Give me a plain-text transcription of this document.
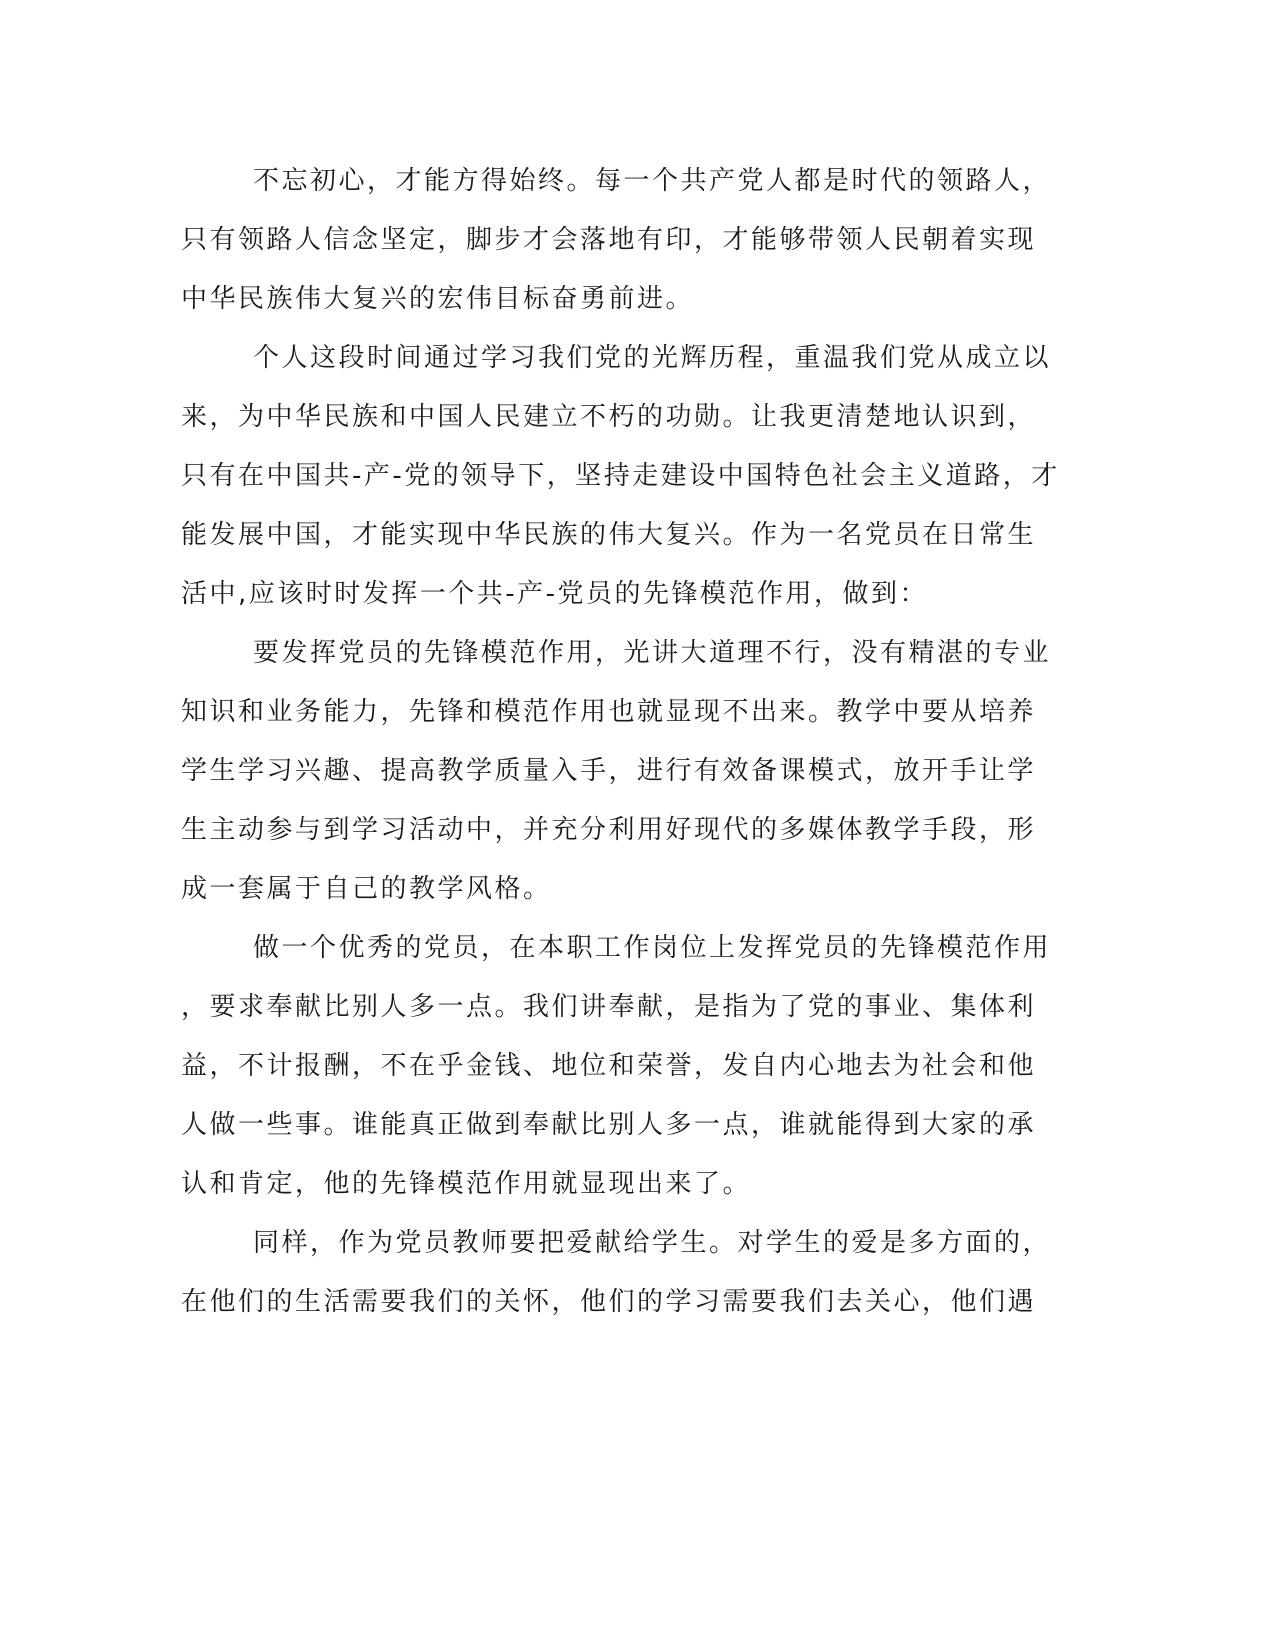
不忘初心，才能方得始终。每一个共产党人都是时代的领路人，
只有领路人信念坚定，脚步才会落地有印，才能够带领人民朝着实现
中华民族伟大复兴的宏伟目标奋勇前进。
个人这段时间通过学习我们党的光辉历程，重温我们党从成立以
来，为中华民族和中国人民建立不朽的功勋。让我更清楚地认识到，
只有在中国共-产-党的领导下，坚持走建设中国特色社会主义道路，才
能发展中国，才能实现中华民族的伟大复兴。作为一名党员在日常生
活中,应该时时发挥一个共-产-党员的先锋模范作用，做到：
要发挥党员的先锋模范作用，光讲大道理不行，没有精湛的专业
知识和业务能力，先锋和模范作用也就显现不出来。教学中要从培养
学生学习兴趣、提高教学质量入手，进行有效备课模式，放开手让学
生主动参与到学习活动中，并充分利用好现代的多媒体教学手段，形
成一套属于自己的教学风格。
做一个优秀的党员，在本职工作岗位上发挥党员的先锋模范作用
，要求奉献比别人多一点。我们讲奉献，是指为了党的事业、集体利
益，不计报酬，不在乎金钱、地位和荣誉，发自内心地去为社会和他
人做一些事。谁能真正做到奉献比别人多一点，谁就能得到大家的承
认和肯定，他的先锋模范作用就显现出来了。
同样，作为党员教师要把爱献给学生。对学生的爱是多方面的，
在他们的生活需要我们的关怀，他们的学习需要我们去关心，他们遇
